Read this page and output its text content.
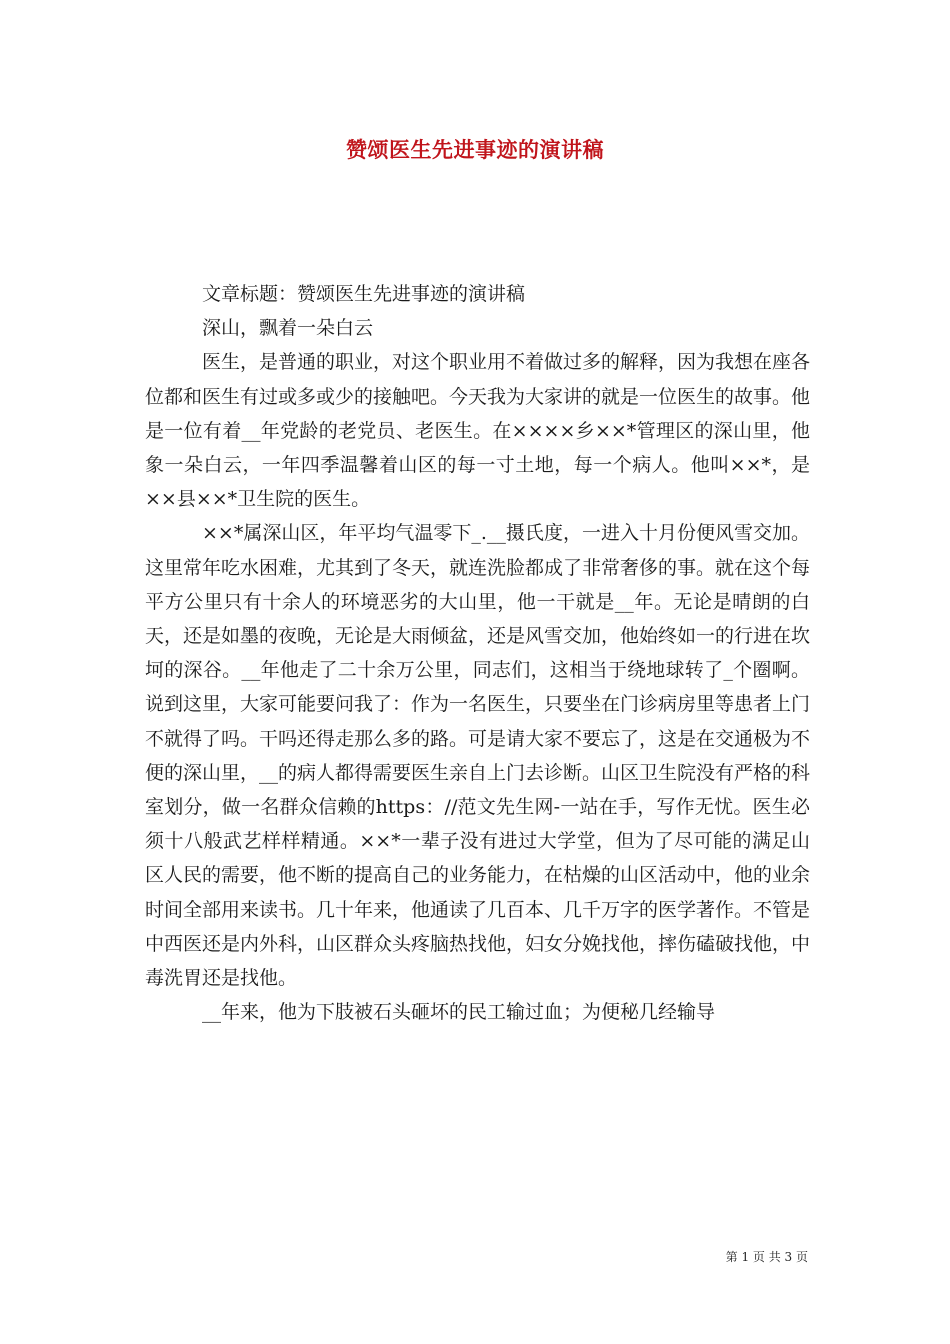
赞颂医生先进事迹的演讲稿

文章标题：赞颂医生先进事迹的演讲稿

深山，飘着一朵白云

医生，是普通的职业，对这个职业用不着做过多的解释，因为我想在座各位都和医生有过或多或少的接触吧。今天我为大家讲的就是一位医生的故事。他是一位有着__年党龄的老党员、老医生。在××××乡××*管理区的深山里，他象一朵白云，一年四季温馨着山区的每一寸土地，每一个病人。他叫××*，是××县××*卫生院的医生。

××*属深山区，年平均气温零下_.__摄氏度，一进入十月份便风雪交加。这里常年吃水困难，尤其到了冬天，就连洗脸都成了非常奢侈的事。就在这个每平方公里只有十余人的环境恶劣的大山里，他一干就是__年。无论是晴朗的白天，还是如墨的夜晚，无论是大雨倾盆，还是风雪交加，他始终如一的行进在坎坷的深谷。__年他走了二十余万公里，同志们，这相当于绕地球转了_个圈啊。说到这里，大家可能要问我了：作为一名医生，只要坐在门诊病房里等患者上门不就得了吗。干吗还得走那么多的路。可是请大家不要忘了，这是在交通极为不便的深山里，__的病人都得需要医生亲自上门去诊断。山区卫生院没有严格的科室划分，做一名群众信赖的https：//范文先生网-一站在手，写作无忧。医生必须十八般武艺样样精通。××*一辈子没有进过大学堂，但为了尽可能的满足山区人民的需要，他不断的提高自己的业务能力，在枯燥的山区活动中，他的业余时间全部用来读书。几十年来，他通读了几百本、几千万字的医学著作。不管是中西医还是内外科，山区群众头疼脑热找他，妇女分娩找他，摔伤磕破找他，中毒洗胃还是找他。

__年来，他为下肢被石头砸坏的民工输过血；为便秘几经输导

第 1 页 共 3 页
